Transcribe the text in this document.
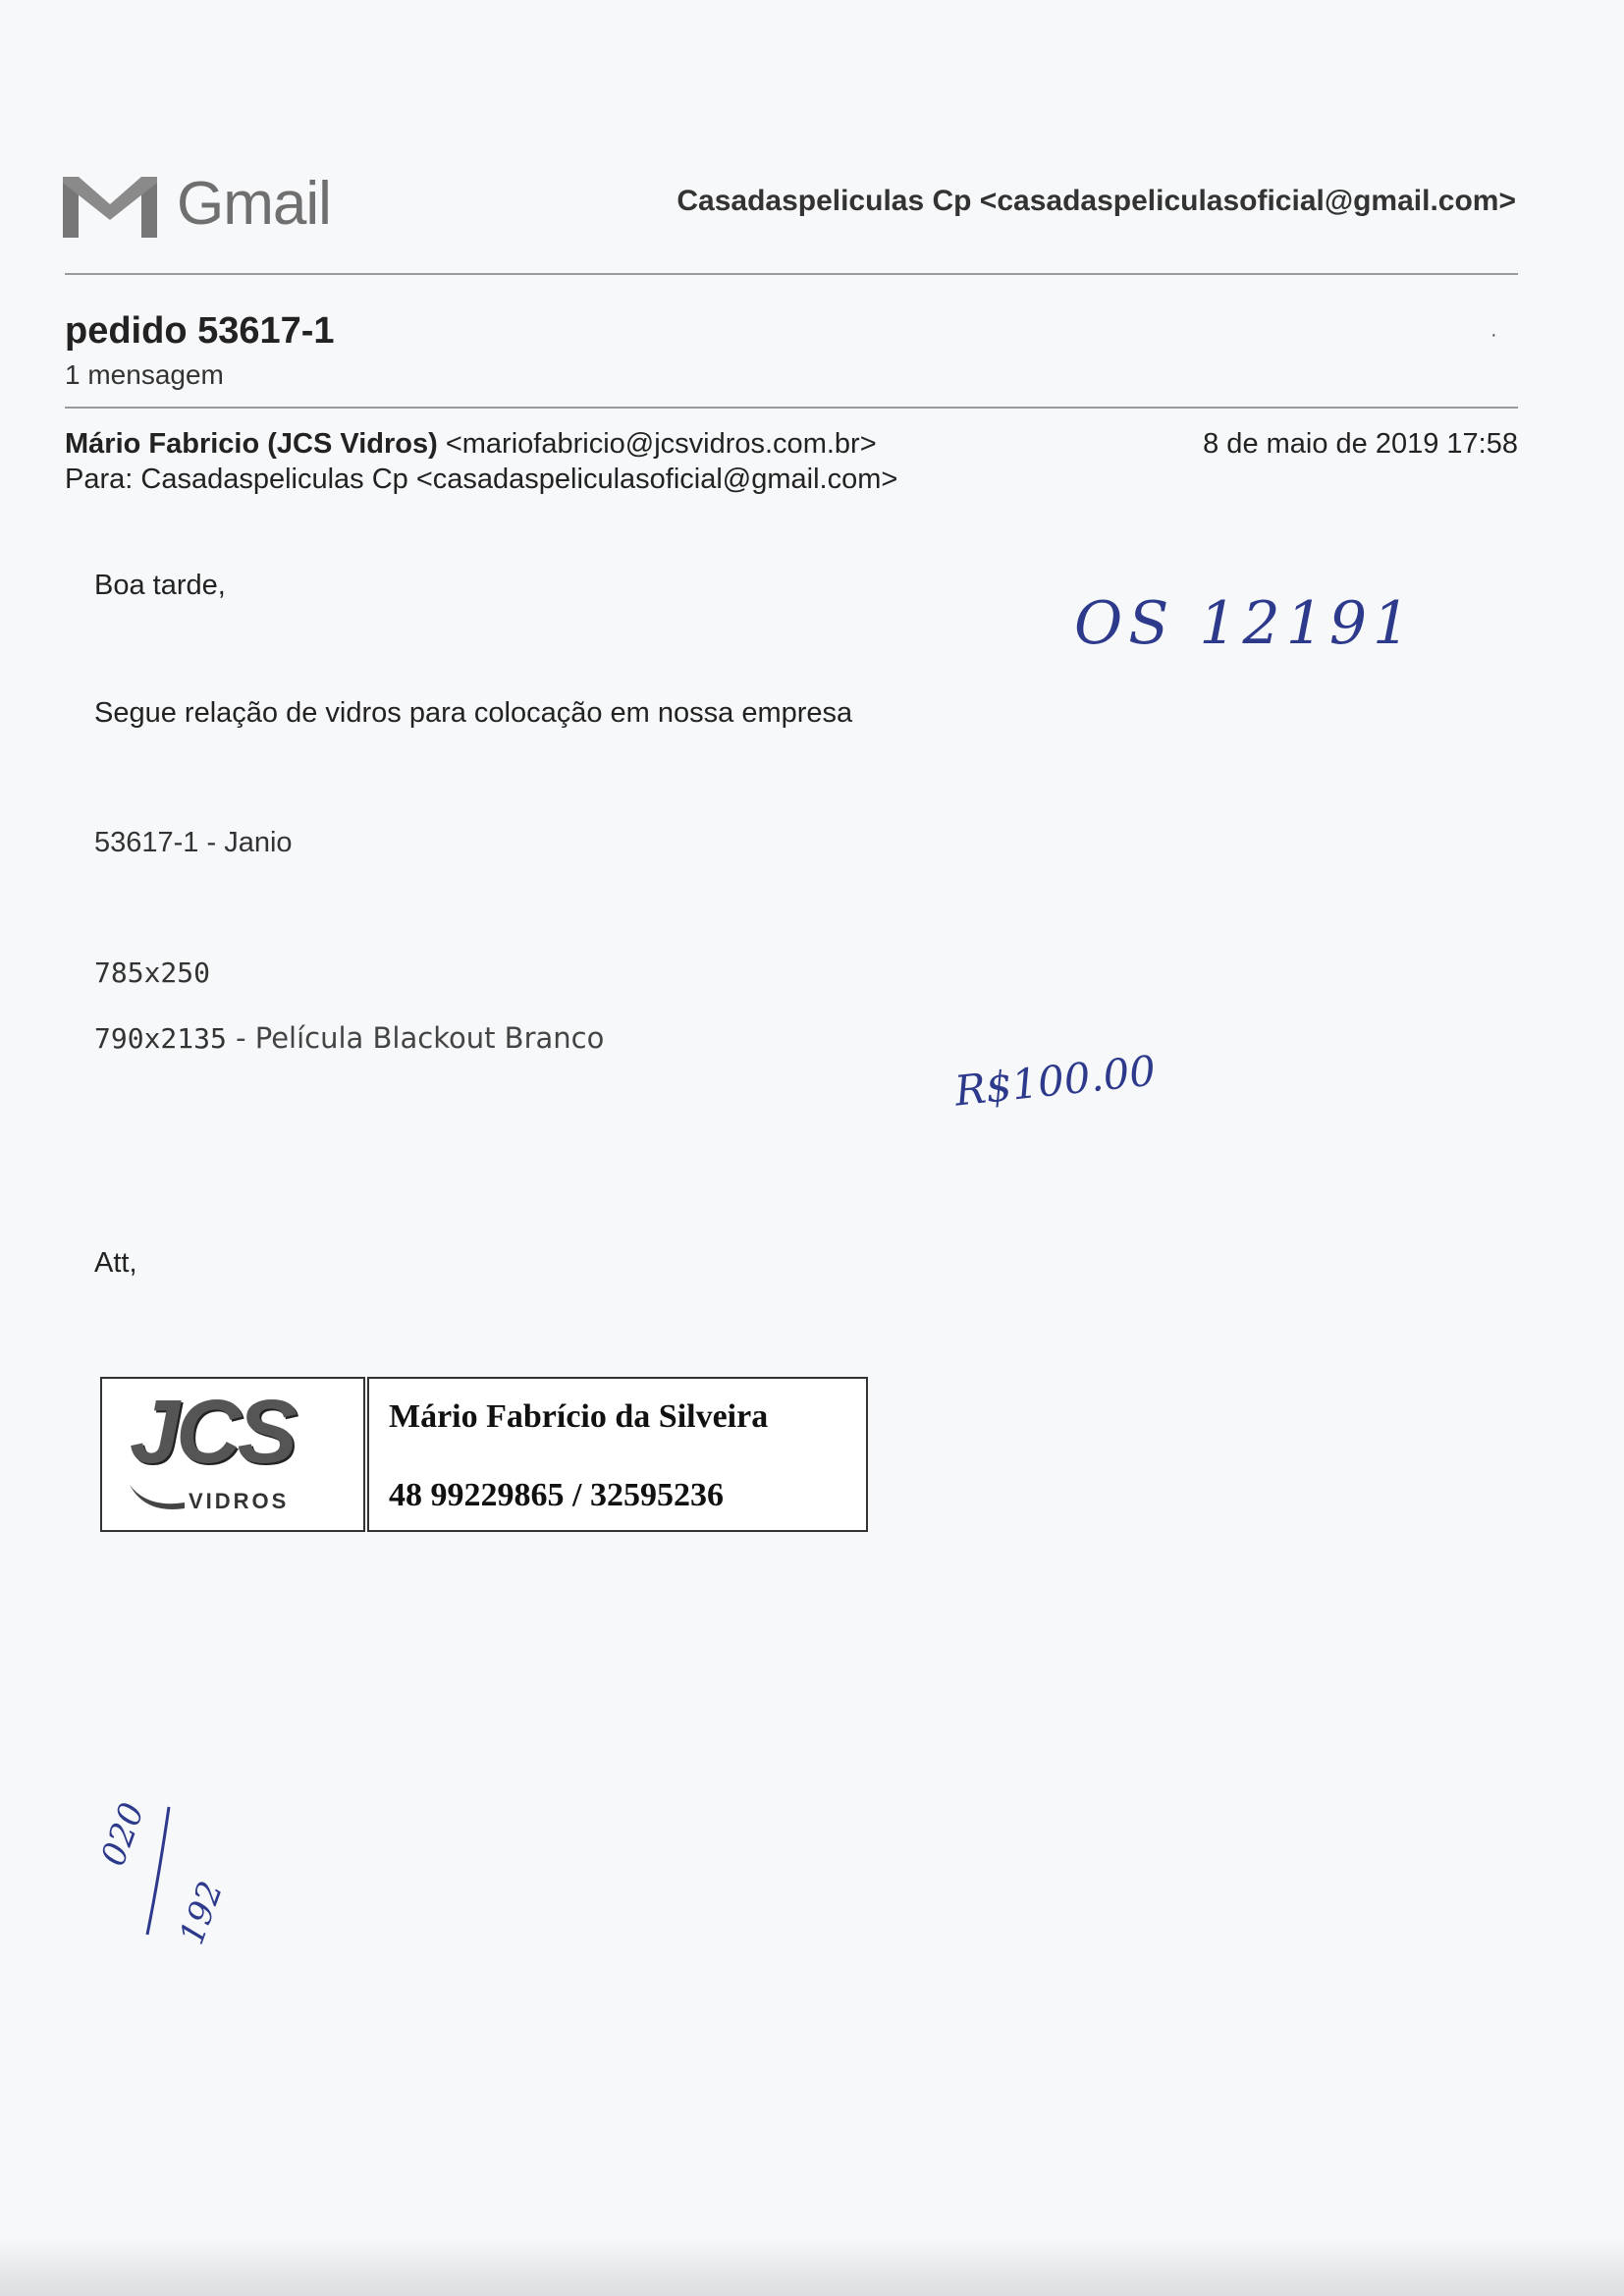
Gmail	Casadaspeliculas Cp <casadaspeliculasoficial@gmail.com>
pedido 53617-1
1 mensagem
·
Mário Fabricio (JCS Vidros) <mariofabricio@jcsvidros.com.br>
Para: Casadaspeliculas Cp <casadaspeliculasoficial@gmail.com>
8 de maio de 2019 17:58
Boa tarde,
Segue relação de vidros para colocação em nossa empresa
53617-1 - Janio
785x250
790x2135 - Película Blackout Branco
Att,
JCS
VIDROS
Mário Fabrício da Silveira
48 99229865 / 32595236
OS 12191
R$100.00
020
192
